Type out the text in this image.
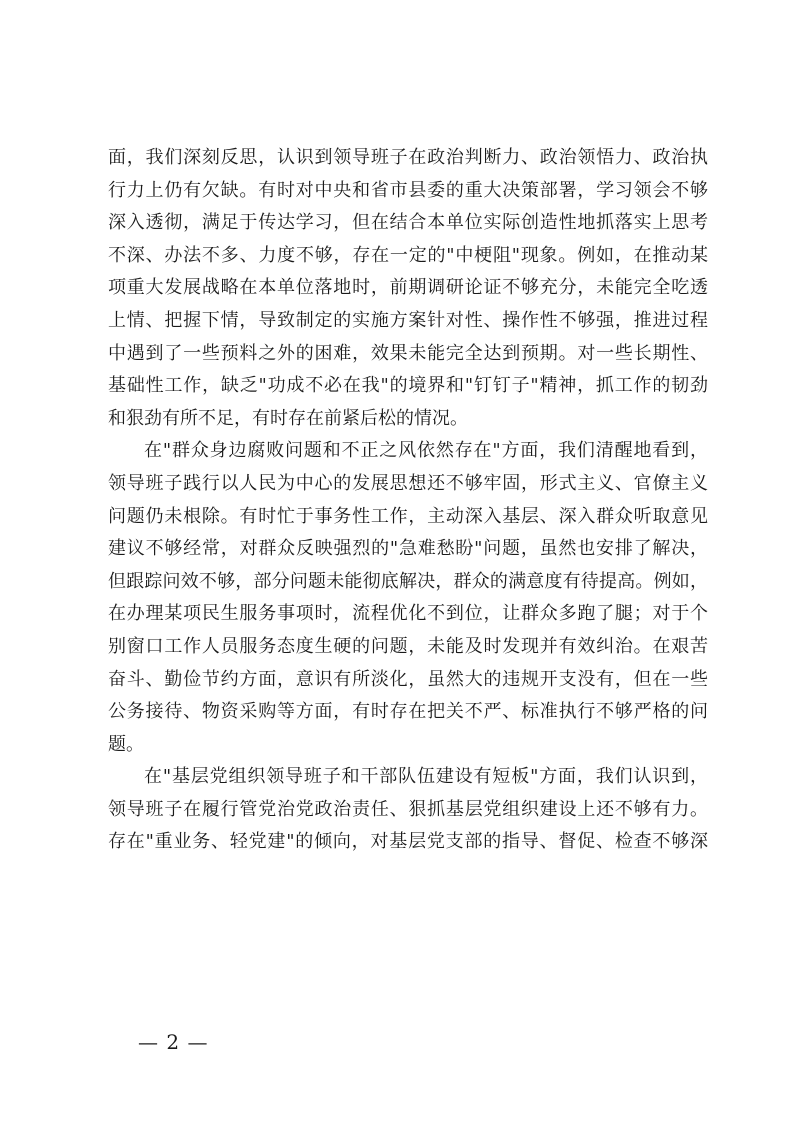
面，我们深刻反思，认识到领导班子在政治判断力、政治领悟力、政治执
行力上仍有欠缺。有时对中央和省市县委的重大决策部署，学习领会不够
深入透彻，满足于传达学习，但在结合本单位实际创造性地抓落实上思考
不深、办法不多、力度不够，存在一定的"中梗阻"现象。例如，在推动某
项重大发展战略在本单位落地时，前期调研论证不够充分，未能完全吃透
上情、把握下情，导致制定的实施方案针对性、操作性不够强，推进过程
中遇到了一些预料之外的困难，效果未能完全达到预期。对一些长期性、
基础性工作，缺乏"功成不必在我"的境界和"钉钉子"精神，抓工作的韧劲
和狠劲有所不足，有时存在前紧后松的情况。
在"群众身边腐败问题和不正之风依然存在"方面，我们清醒地看到，
领导班子践行以人民为中心的发展思想还不够牢固，形式主义、官僚主义
问题仍未根除。有时忙于事务性工作，主动深入基层、深入群众听取意见
建议不够经常，对群众反映强烈的"急难愁盼"问题，虽然也安排了解决，
但跟踪问效不够，部分问题未能彻底解决，群众的满意度有待提高。例如，
在办理某项民生服务事项时，流程优化不到位，让群众多跑了腿；对于个
别窗口工作人员服务态度生硬的问题，未能及时发现并有效纠治。在艰苦
奋斗、勤俭节约方面，意识有所淡化，虽然大的违规开支没有，但在一些
公务接待、物资采购等方面，有时存在把关不严、标准执行不够严格的问
题。
在"基层党组织领导班子和干部队伍建设有短板"方面，我们认识到，
领导班子在履行管党治党政治责任、狠抓基层党组织建设上还不够有力。
存在"重业务、轻党建"的倾向，对基层党支部的指导、督促、检查不够深
— 2 —
